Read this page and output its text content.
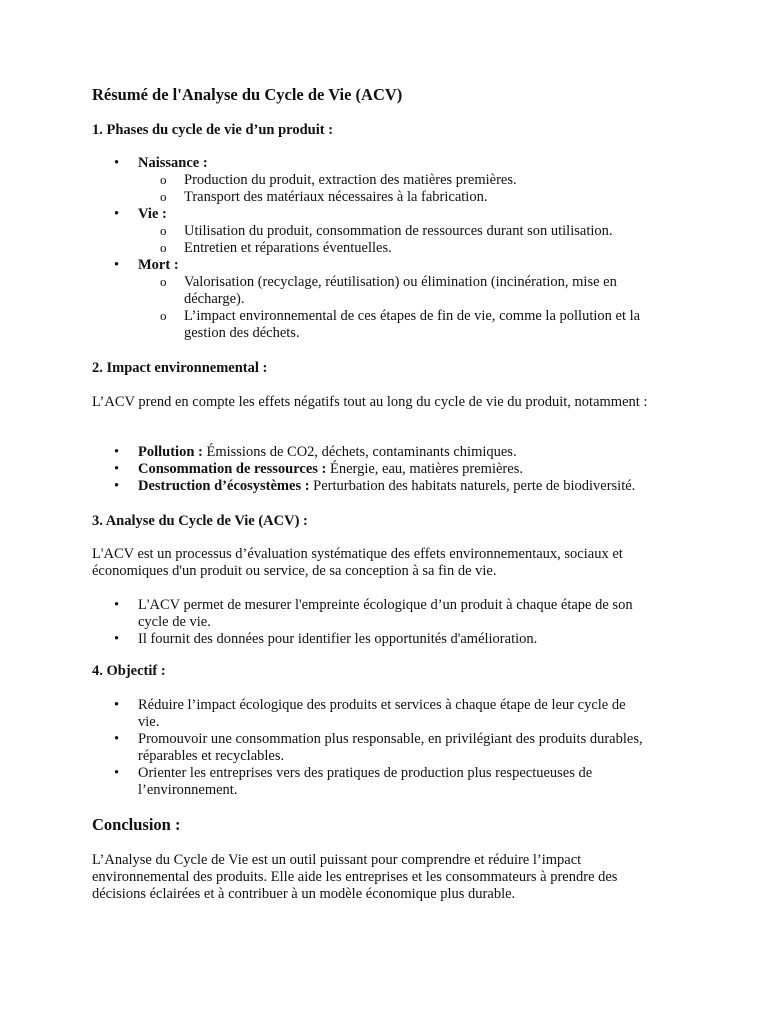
Résumé de l'Analyse du Cycle de Vie (ACV)
1. Phases du cycle de vie d’un produit :
• Naissance :
o Production du produit, extraction des matières premières.
o Transport des matériaux nécessaires à la fabrication.
• Vie :
o Utilisation du produit, consommation de ressources durant son utilisation.
o Entretien et réparations éventuelles.
• Mort :
o Valorisation (recyclage, réutilisation) ou élimination (incinération, mise en décharge).
o L’impact environnemental de ces étapes de fin de vie, comme la pollution et la gestion des déchets.
2. Impact environnemental :
L’ACV prend en compte les effets négatifs tout au long du cycle de vie du produit, notamment :
• Pollution : Émissions de CO2, déchets, contaminants chimiques.
• Consommation de ressources : Énergie, eau, matières premières.
• Destruction d’écosystèmes : Perturbation des habitats naturels, perte de biodiversité.
3. Analyse du Cycle de Vie (ACV) :
L'ACV est un processus d’évaluation systématique des effets environnementaux, sociaux et économiques d'un produit ou service, de sa conception à sa fin de vie.
• L'ACV permet de mesurer l'empreinte écologique d’un produit à chaque étape de son cycle de vie.
• Il fournit des données pour identifier les opportunités d'amélioration.
4. Objectif :
• Réduire l’impact écologique des produits et services à chaque étape de leur cycle de vie.
• Promouvoir une consommation plus responsable, en privilégiant des produits durables, réparables et recyclables.
• Orienter les entreprises vers des pratiques de production plus respectueuses de l’environnement.
Conclusion :
L’Analyse du Cycle de Vie est un outil puissant pour comprendre et réduire l’impact environnemental des produits. Elle aide les entreprises et les consommateurs à prendre des décisions éclairées et à contribuer à un modèle économique plus durable.
